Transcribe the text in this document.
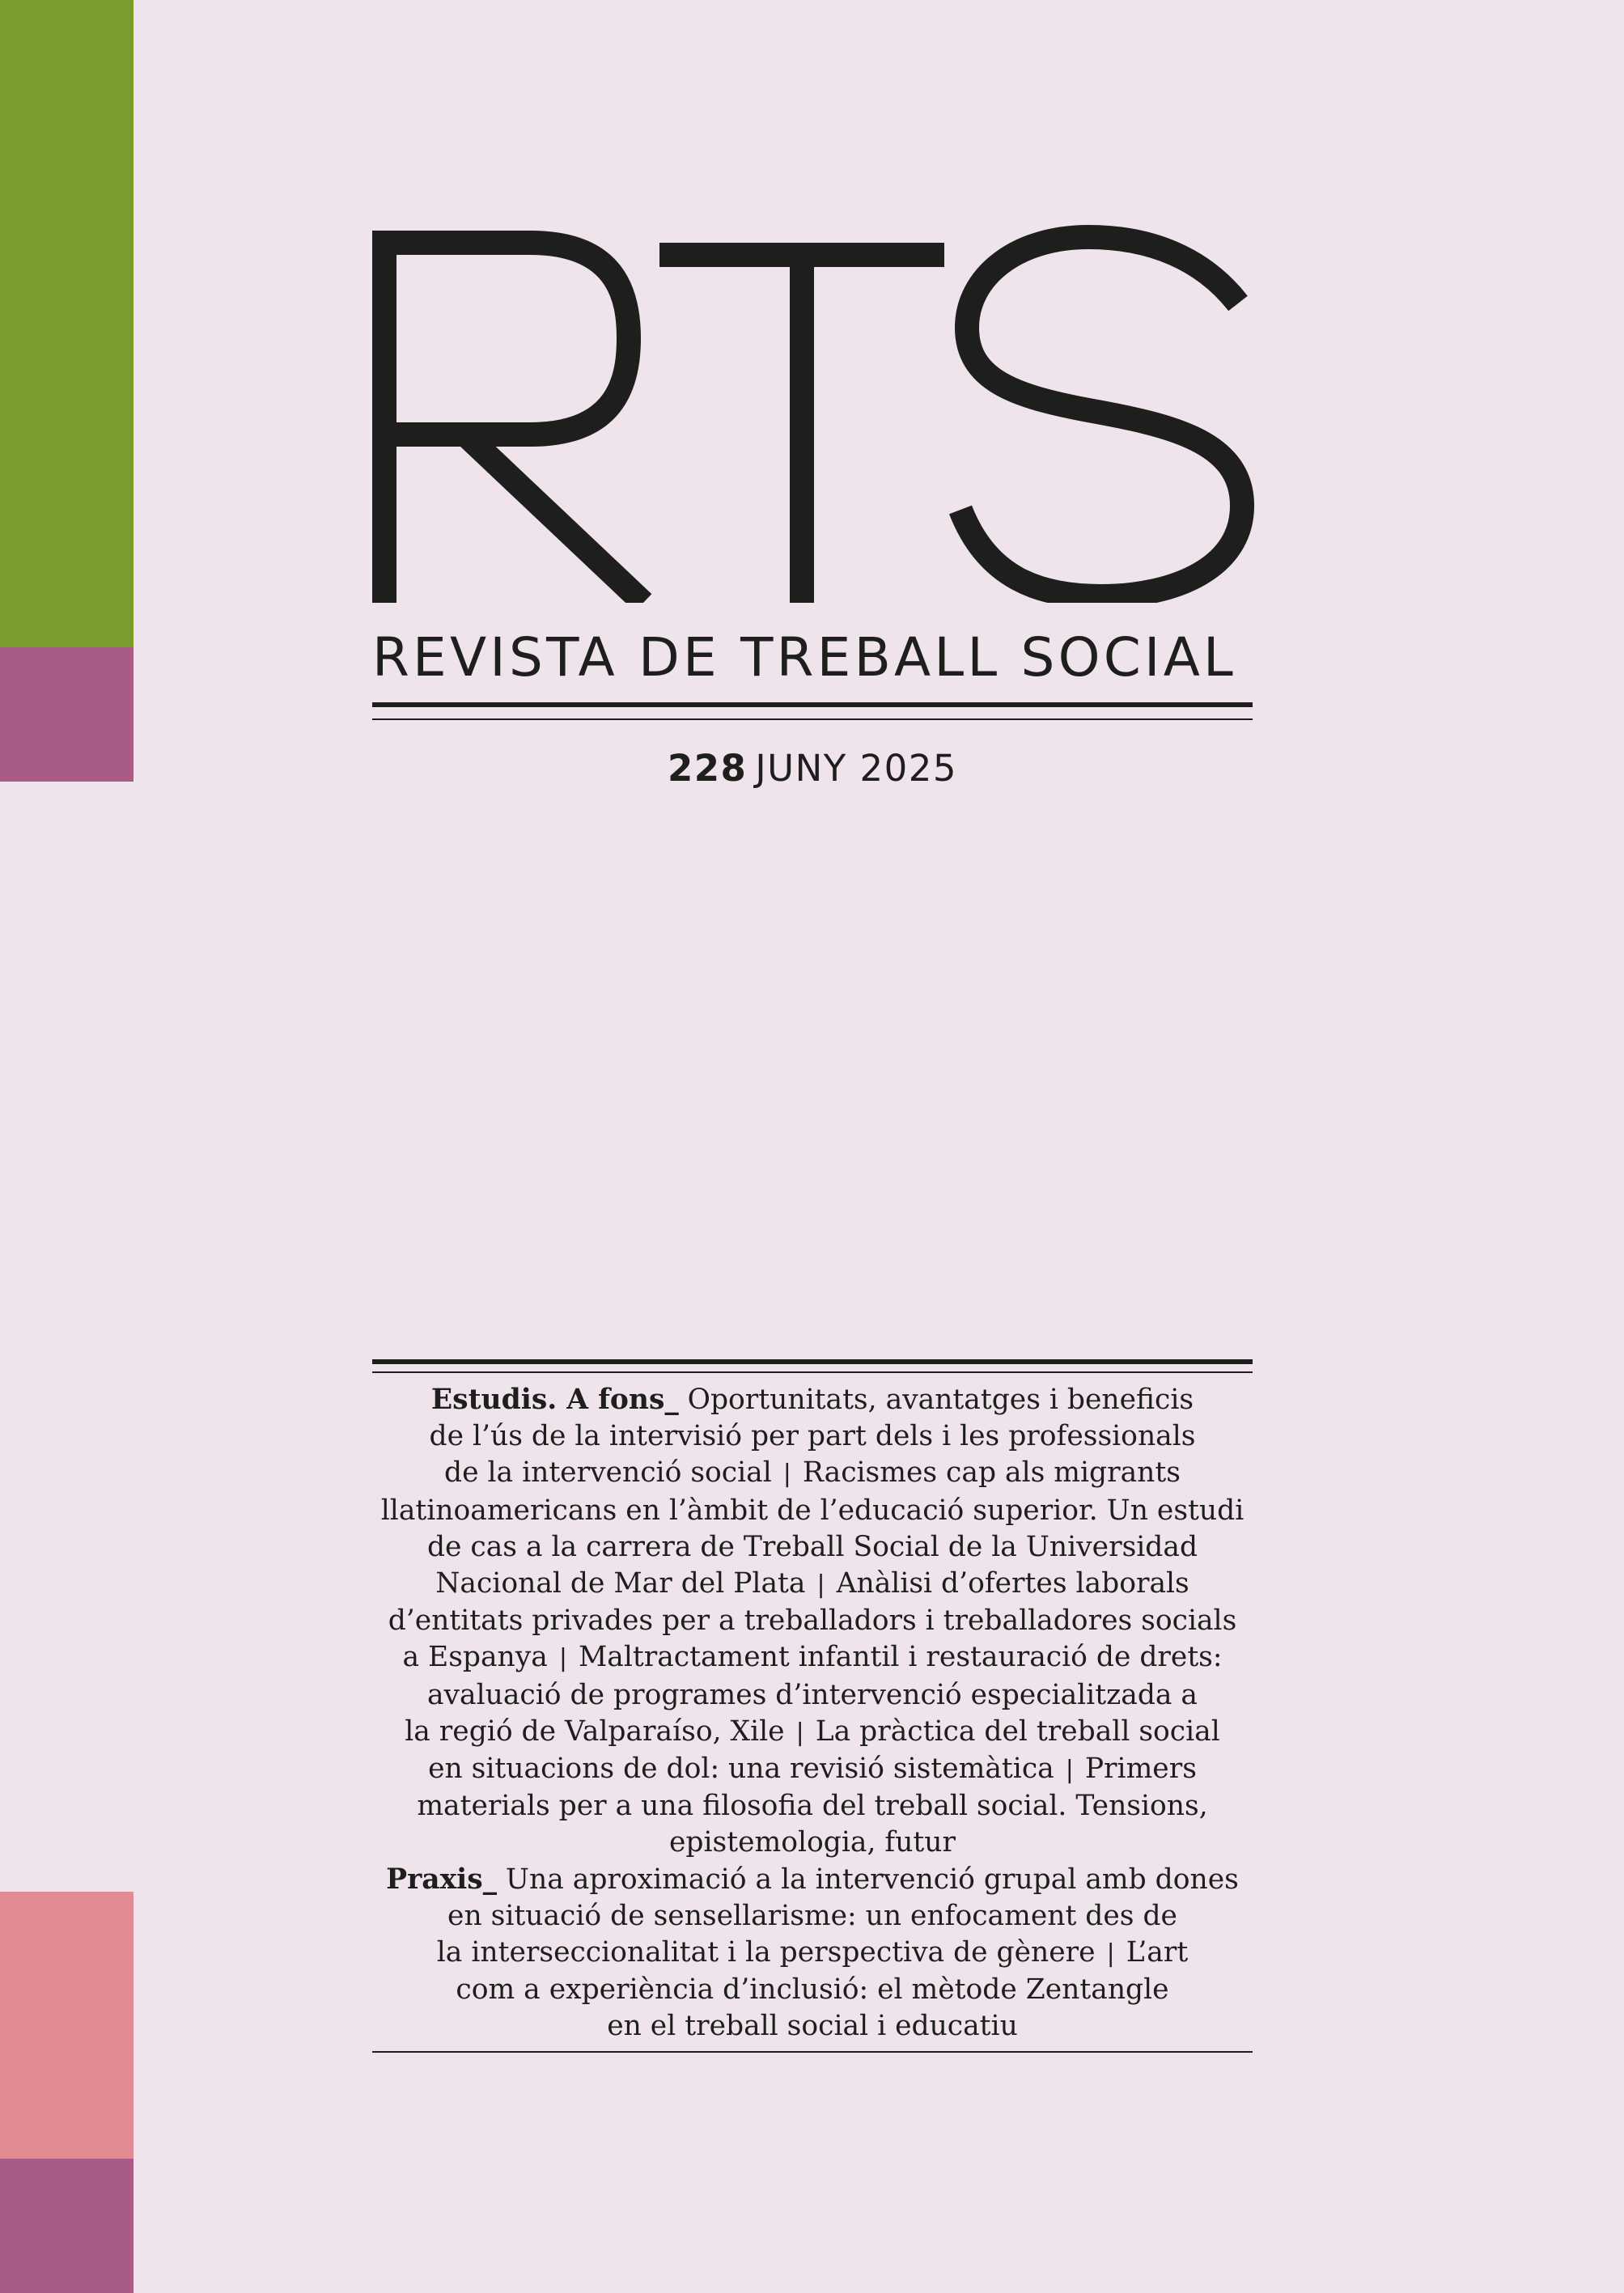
REVISTA DE TREBALL SOCIAL

228 JUNY 2025

Estudis. A fons_ Oportunitats, avantatges i beneficis

de l’ús de la intervisió per part dels i les professionals

de la intervenció social | Racismes cap als migrants

llatinoamericans en l’àmbit de l’educació superior. Un estudi

de cas a la carrera de Treball Social de la Universidad

Nacional de Mar del Plata | Anàlisi d’ofertes laborals

d’entitats privades per a treballadors i treballadores socials

a Espanya | Maltractament infantil i restauració de drets:

avaluació de programes d’intervenció especialitzada a

la regió de Valparaíso, Xile | La pràctica del treball social

en situacions de dol: una revisió sistemàtica | Primers

materials per a una filosofia del treball social. Tensions,

epistemologia, futur

Praxis_ Una aproximació a la intervenció grupal amb dones

en situació de sensellarisme: un enfocament des de

la interseccionalitat i la perspectiva de gènere | L’art

com a experiència d’inclusió: el mètode Zentangle

en el treball social i educatiu
